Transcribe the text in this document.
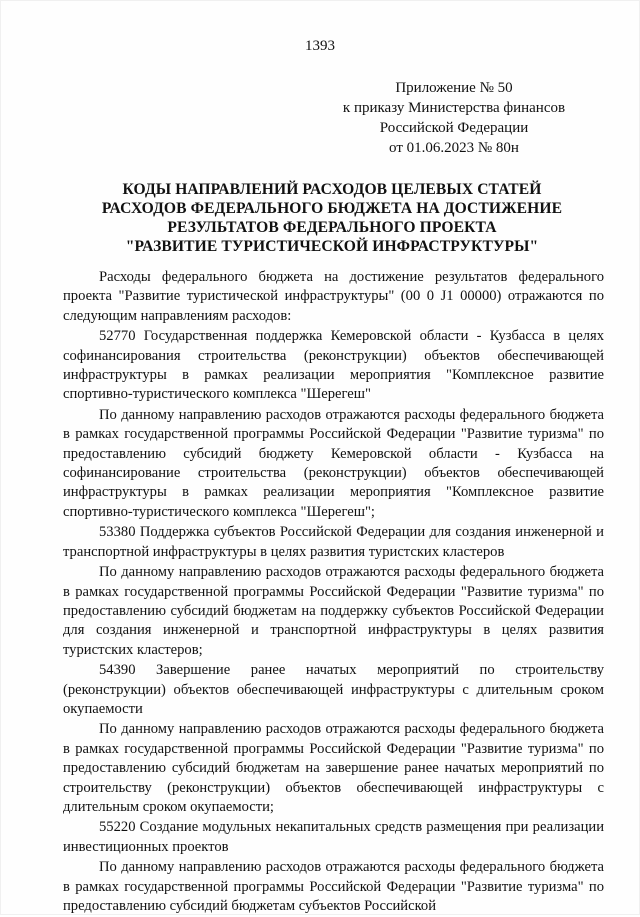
1393
Приложение № 50
к приказу Министерства финансов
Российской Федерации
от 01.06.2023 № 80н
КОДЫ НАПРАВЛЕНИЙ РАСХОДОВ ЦЕЛЕВЫХ СТАТЕЙ
РАСХОДОВ ФЕДЕРАЛЬНОГО БЮДЖЕТА НА ДОСТИЖЕНИЕ
РЕЗУЛЬТАТОВ ФЕДЕРАЛЬНОГО ПРОЕКТА
"РАЗВИТИЕ ТУРИСТИЧЕСКОЙ ИНФРАСТРУКТУРЫ"

Расходы федерального бюджета на достижение результатов федерального проекта "Развитие туристической инфраструктуры" (00 0 J1 00000) отражаются по следующим направлениям расходов:

52770 Государственная поддержка Кемеровской области - Кузбасса в целях софинансирования строительства (реконструкции) объектов обеспечивающей инфраструктуры в рамках реализации мероприятия "Комплексное развитие спортивно-туристического комплекса "Шерегеш"

По данному направлению расходов отражаются расходы федерального бюджета в рамках государственной программы Российской Федерации "Развитие туризма" по предоставлению субсидий бюджету Кемеровской области - Кузбасса на софинансирование строительства (реконструкции) объектов обеспечивающей инфраструктуры в рамках реализации мероприятия "Комплексное развитие спортивно-туристического комплекса "Шерегеш";

53380 Поддержка субъектов Российской Федерации для создания инженерной и транспортной инфраструктуры в целях развития туристских кластеров

По данному направлению расходов отражаются расходы федерального бюджета в рамках государственной программы Российской Федерации "Развитие туризма" по предоставлению субсидий бюджетам на поддержку субъектов Российской Федерации для создания инженерной и транспортной инфраструктуры в целях развития туристских кластеров;

54390 Завершение ранее начатых мероприятий по строительству (реконструкции) объектов обеспечивающей инфраструктуры с длительным сроком окупаемости

По данному направлению расходов отражаются расходы федерального бюджета в рамках государственной программы Российской Федерации "Развитие туризма" по предоставлению субсидий бюджетам на завершение ранее начатых мероприятий по строительству (реконструкции) объектов обеспечивающей инфраструктуры с длительным сроком окупаемости;

55220 Создание модульных некапитальных средств размещения при реализации инвестиционных проектов

По данному направлению расходов отражаются расходы федерального бюджета в рамках государственной программы Российской Федерации "Развитие туризма" по предоставлению субсидий бюджетам субъектов Российской
